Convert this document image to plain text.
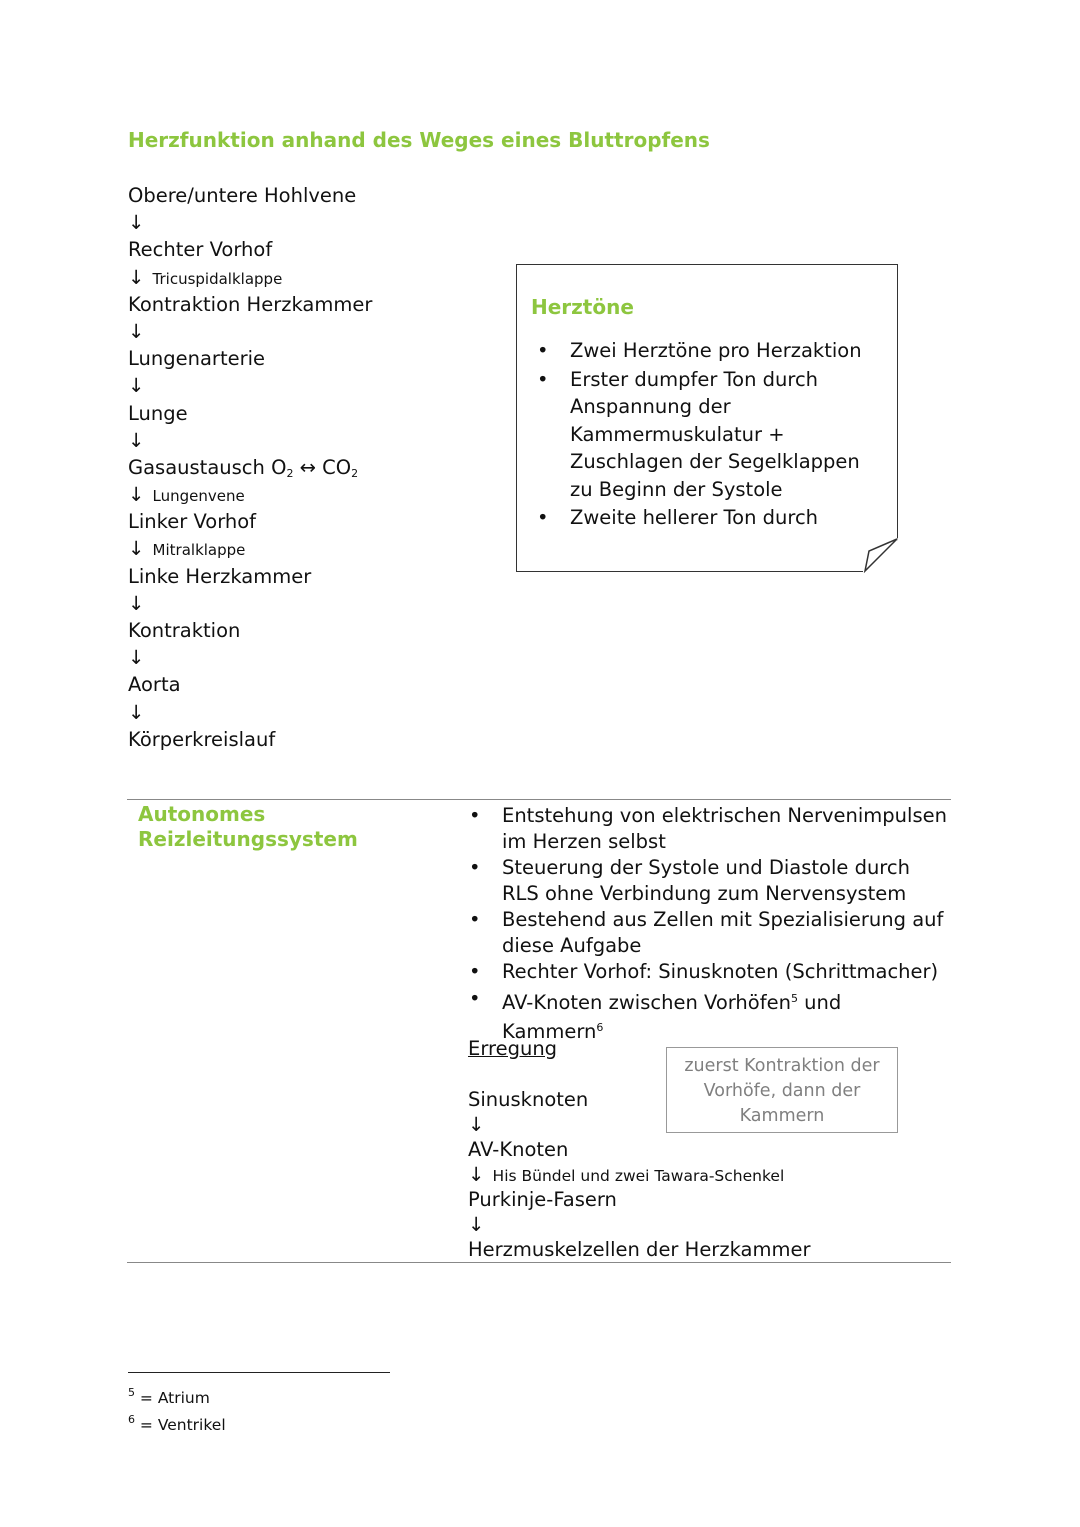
Herzfunktion anhand des Weges eines Bluttropfens
Obere/untere Hohlvene
↓
Rechter Vorhof
↓ Tricuspidalklappe
Kontraktion Herzkammer
↓
Lungenarterie
↓
Lunge
↓
Gasaustausch $O_2$ ↔ $CO_2$
↓ Lungenvene
Linker Vorhof
↓ Mitralklappe
Linke Herzkammer
↓
Kontraktion
↓
Aorta
↓
Körperkreislauf
Herztöne
• Zwei Herztöne pro Herzaktion
• Erster dumpfer Ton durch Anspannung der Kammermuskulatur + Zuschlagen der Segelklappen zu Beginn der Systole
• Zweite hellerer Ton durch
Autonomes Reizleitungssystem
• Entstehung von elektrischen Nervenimpulsen im Herzen selbst
• Steuerung der Systole und Diastole durch RLS ohne Verbindung zum Nervensystem
• Bestehend aus Zellen mit Spezialisierung auf diese Aufgabe
• Rechter Vorhof: Sinusknoten (Schrittmacher)
• AV-Knoten zwischen Vorhöfen$^5$ und Kammern$^6$
Erregung
Sinusknoten
↓
AV-Knoten
↓ His Bündel und zwei Tawara-Schenkel
Purkinje-Fasern
↓
Herzmuskelzellen der Herzkammer
zuerst Kontraktion der Vorhöfe, dann der Kammern
$^5$ = Atrium
$^6$ = Ventrikel
